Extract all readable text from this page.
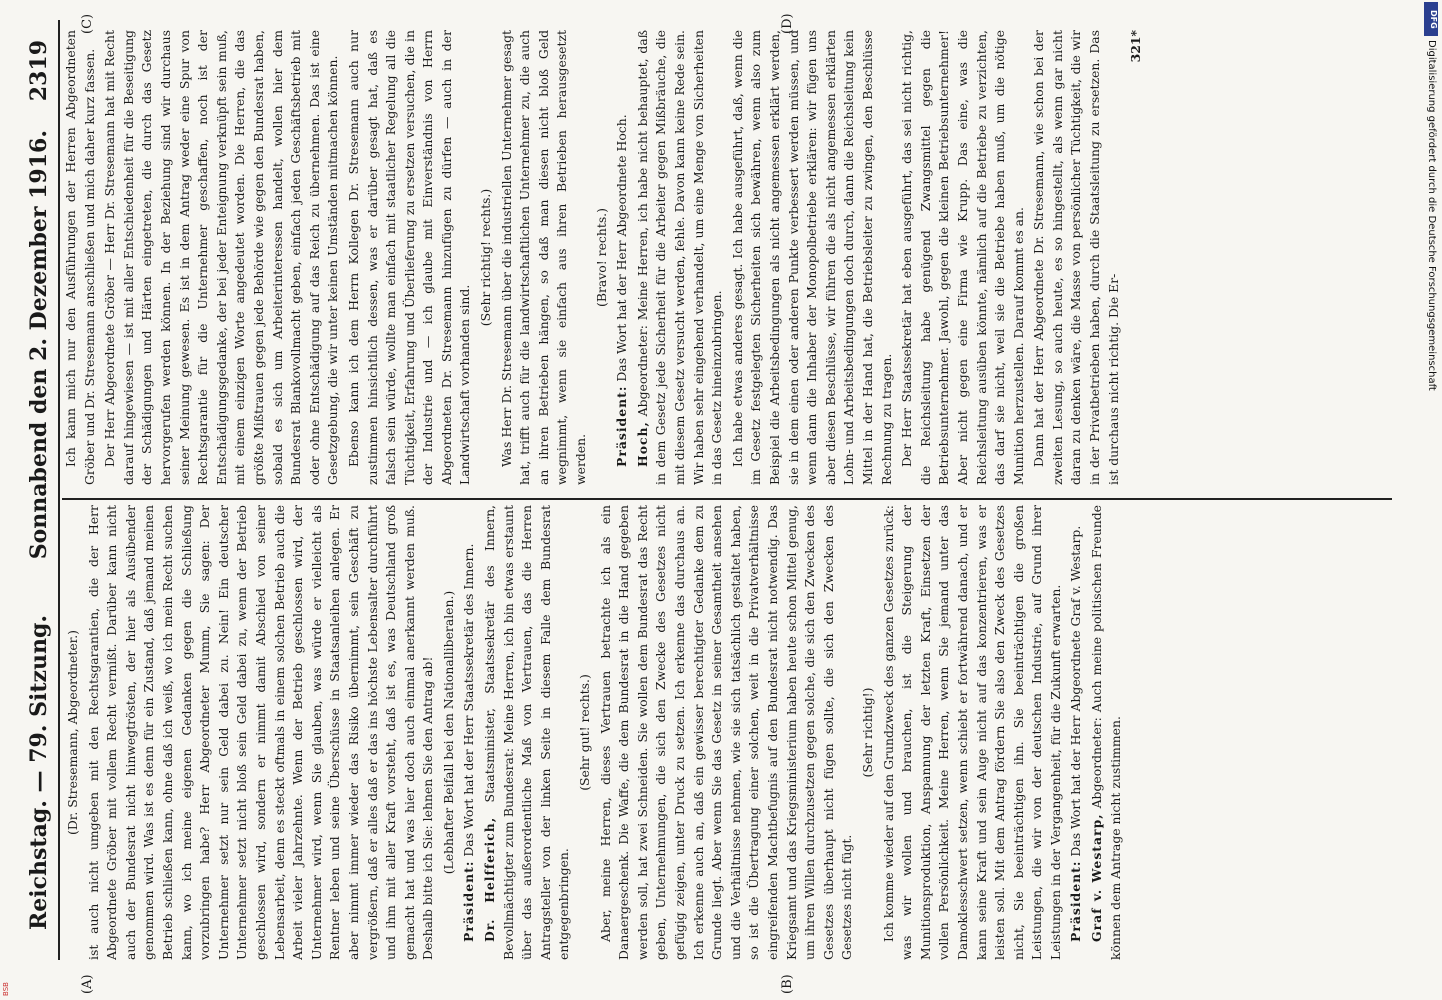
Reichstag. — 79. Sitzung.
Sonnabend den 2. Dezember 1916.
2319
(A)	(B)
(C)	(D)

(Dr. Stresemann, Abgeordneter.) ist auch nicht umgeben mit den Rechtsgarantien, die der Herr Abgeordnete Gröber mit vollem Recht vermißt. Darüber kann nicht auch der Bundesrat nicht hinwegtrösten, der hier als Ausübender genommen wird. Was ist es denn für ein Zustand, daß jemand meinen Betrieb schließen kann, ohne daß ich weiß, wo ich mein Recht suchen kann, wo ich meine eigenen Gedanken gegen die Schließung vorzubringen habe? Herr Abgeordneter Mumm, Sie sagen: Der Unternehmer setzt nur sein Geld dabei zu. Nein! Ein deutscher Unternehmer setzt nicht bloß sein Geld dabei zu, wenn der Betrieb geschlossen wird, sondern er nimmt damit Abschied von seiner Lebensarbeit, denn es steckt oftmals in einem solchen Betrieb auch die Arbeit vieler Jahrzehnte. Wenn der Betrieb geschlossen wird, der Unternehmer wird, wenn Sie glauben, was würde er vielleicht als Rentner leben und seine Überschüsse in Staatsanleihen anlegen. Er aber nimmt immer wieder das Risiko übernimmt, sein Geschäft zu vergrößern, daß er alles daß er das ins höchste Lebensalter durchführt und ihm mit aller Kraft vorsteht, daß ist es, was Deutschland groß gemacht hat und was hier doch auch einmal anerkannt werden muß. Deshalb bitte ich Sie: lehnen Sie den Antrag ab! (Lebhafter Beifall bei den Nationalliberalen.)

Präsident: Das Wort hat der Herr Staatssekretär des Innern.

Dr. Helfferich, Staatsminister, Staatssekretär des Innern, Bevollmächtigter zum Bundesrat: Meine Herren, ich bin etwas erstaunt über das außerordentliche Maß von Vertrauen, das die Herren Antragsteller von der linken Seite in diesem Falle dem Bundesrat entgegenbringen.

(Sehr gut! rechts.) Aber, meine Herren, dieses Vertrauen betrachte ich als ein Danaergeschenk. Die Waffe, die dem Bundesrat in die Hand gegeben werden soll, hat zwei Schneiden. Sie wollen dem Bundesrat das Recht geben, Unternehmungen, die sich den Zwecke des Gesetzes nicht gefügig zeigen, unter Druck zu setzen. Ich erkenne das durchaus an. Ich erkenne auch an, daß ein gewisser berechtigter Gedanke dem zu Grunde liegt. Aber wenn Sie das Gesetz in seiner Gesamtheit ansehen und die Verhältnisse nehmen, wie sie sich tatsächlich gestaltet haben, so ist die Übertragung einer solchen, weit in die Privatverhältnisse eingreifenden Machtbefugnis auf den Bundesrat nicht notwendig. Das Kriegsamt und das Kriegsministerium haben heute schon Mittel genug, um ihren Willen durchzusetzen gegen solche, die sich den Zwecken des Gesetzes überhaupt nicht fügen sollte, die sich den Zwecken des Gesetzes nicht fügt.

(Sehr richtig!) Ich komme wieder auf den Grundzweck des ganzen Gesetzes zurück: was wir wollen und brauchen, ist die Steigerung der Munitionsproduktion, Anspannung der letzten Kraft, Einsetzen der vollen Persönlichkeit. Meine Herren, wenn Sie jemand unter das Damoklesschwert setzen, wenn schiebt er fortwährend danach, und er kann seine Kraft und sein Auge nicht auf das konzentrieren, was er leisten soll. Mit dem Antrag fördern Sie also den Zweck des Gesetzes nicht, Sie beeinträchtigen ihn. Sie beeinträchtigen die großen Leistungen, die wir von der deutschen Industrie, auf Grund ihrer Leistungen in der Vergangenheit, für die Zukunft erwarten. Präsident: Das Wort hat der Herr Abgeordnete Graf v. Westarp.

Graf v. Westarp, Abgeordneter: Auch meine politischen Freunde können dem Antrage nicht zustimmen.

Ich kann mich nur den Ausführungen der Herren Abgeordneten Gröber und Dr. Stresemann anschließen und mich daher kurz fassen. Der Herr Abgeordnete Gröber — Herr Dr. Stresemann hat mit Recht darauf hingewiesen — ist mit aller Entschiedenheit für die Beseitigung der Schädigungen und Härten eingetreten, die durch das Gesetz hervorgerufen werden können. In der Beziehung sind wir durchaus seiner Meinung gewesen. Es ist in dem Antrag weder eine Spur von Rechtsgarantie für die Unternehmer geschaffen, noch ist der Entschädigungsgedanke, der bei jeder Enteignung verknüpft sein muß, mit einem einzigen Worte angedeutet worden. Die Herren, die das größte Mißtrauen gegen jede Behörde wie gegen den Bundesrat haben, sobald es sich um Arbeiterinteressen handelt, wollen hier dem Bundesrat Blankovollmacht geben, einfach jeden Geschäftsbetrieb mit oder ohne Entschädigung auf das Reich zu übernehmen. Das ist eine Gesetzgebung, die wir unter keinen Umständen mitmachen können. Ebenso kann ich dem Herrn Kollegen Dr. Stresemann auch nur zustimmen hinsichtlich dessen, was er darüber gesagt hat, daß es falsch sein würde, wollte man einfach mit staatlicher Regelung all die Tüchtigkeit, Erfahrung und Überlieferung zu ersetzen versuchen, die in der Industrie und — ich glaube mit Einverständnis von Herrn Abgeordneten Dr. Stresemann hinzufügen zu dürfen — auch in der Landwirtschaft vorhanden sind.

(Sehr richtig! rechts.) Was Herr Dr. Stresemann über die industriellen Unternehmer gesagt hat, trifft auch für die landwirtschaftlichen Unternehmer zu, die auch an ihren Betrieben hängen, so daß man diesen nicht bloß Geld wegnimmt, wenn sie einfach aus ihren Betrieben herausgesetzt werden.

(Bravo! rechts.)

Präsident: Das Wort hat der Herr Abgeordnete Hoch.

Hoch, Abgeordneter: Meine Herren, ich habe nicht behauptet, daß in dem Gesetz jede Sicherheit für die Arbeiter gegen Mißbräuche, die mit diesem Gesetz versucht werden, fehle. Davon kann keine Rede sein. Wir haben sehr eingehend verhandelt, um eine Menge von Sicherheiten in das Gesetz hineinzubringen. Ich habe etwas anderes gesagt. Ich habe ausgeführt, daß, wenn die im Gesetz festgelegten Sicherheiten sich bewähren, wenn also zum Beispiel die Arbeitsbedingungen als nicht angemessen erklärt werden, sie in dem einen oder anderen Punkte verbessert werden müssen, und wenn dann die Inhaber der Monopolbetriebe erklären: wir fügen uns aber diesen Beschlüsse, wir führen die als nicht angemessen erklärten Lohn- und Arbeitsbedingungen doch durch, dann die Reichsleitung kein Mittel in der Hand hat, die Betriebsleiter zu zwingen, den Beschlüsse Rechnung zu tragen. Der Herr Staatssekretär hat eben ausgeführt, das sei nicht richtig, die Reichsleitung habe genügend Zwangsmittel gegen die Betriebsunternehmer. Jawohl, gegen die kleinen Betriebsunternehmer! Aber nicht gegen eine Firma wie Krupp. Das eine, was die Reichsleitung ausüben könnte, nämlich auf die Betriebe zu verzichten, das darf sie nicht, weil sie die Betriebe haben muß, um die nötige Munition herzustellen. Darauf kommt es an. Dann hat der Herr Abgeordnete Dr. Stresemann, wie schon bei der zweiten Lesung, so auch heute, es so hingestellt, als wenn gar nicht daran zu denken wäre, die Masse von persönlicher Tüchtigkeit, die wir in der Privatbetrieben haben, durch die Staatsleitung zu ersetzen. Das ist durchaus nicht richtig. Die Er-

321*

DFG
Digitalisierung gefördert durch die Deutsche Forschungsgemeinschaft
BSB
